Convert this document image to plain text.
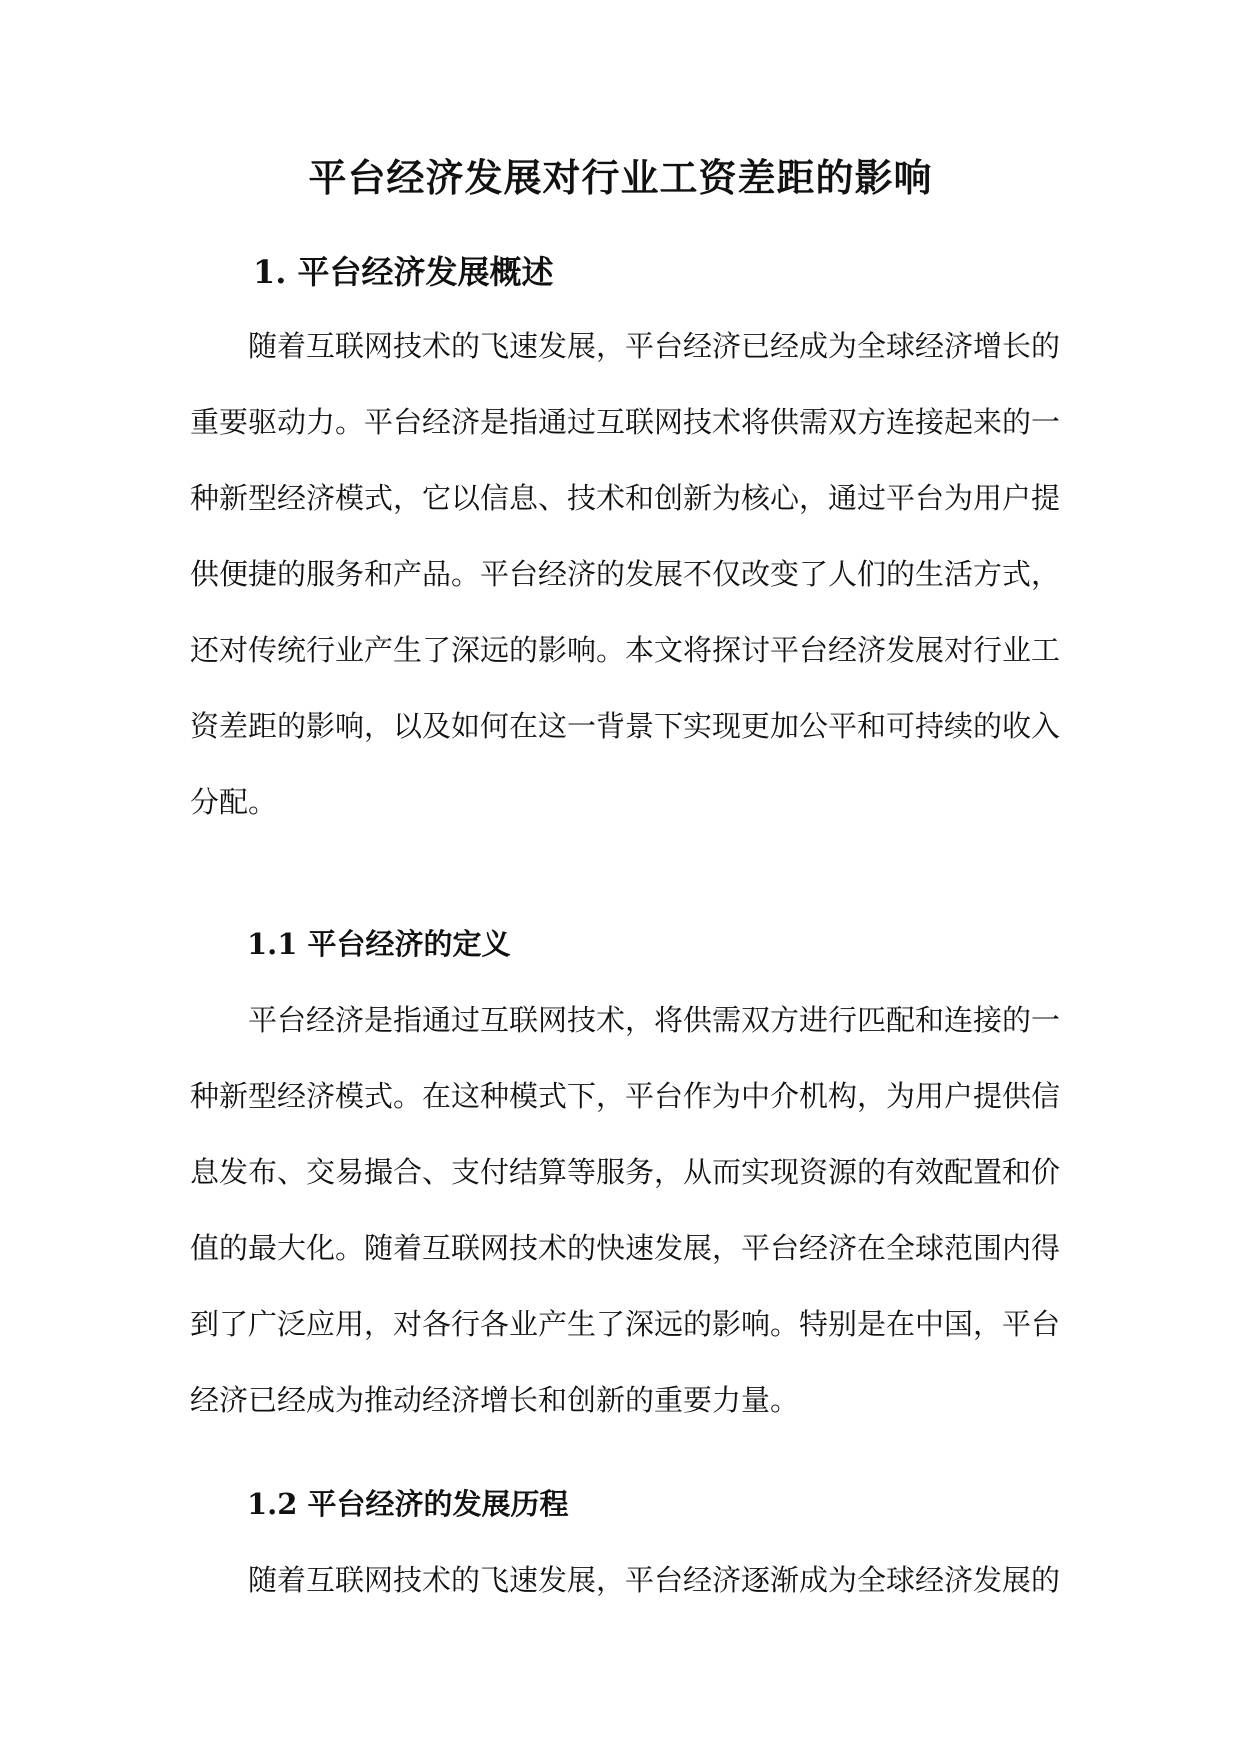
平台经济发展对行业工资差距的影响
1. 平台经济发展概述
随着互联网技术的飞速发展，平台经济已经成为全球经济增长的
重要驱动力。平台经济是指通过互联网技术将供需双方连接起来的一
种新型经济模式，它以信息、技术和创新为核心，通过平台为用户提
供便捷的服务和产品。平台经济的发展不仅改变了人们的生活方式，
还对传统行业产生了深远的影响。本文将探讨平台经济发展对行业工
资差距的影响，以及如何在这一背景下实现更加公平和可持续的收入
分配。
1.1 平台经济的定义
平台经济是指通过互联网技术，将供需双方进行匹配和连接的一
种新型经济模式。在这种模式下，平台作为中介机构，为用户提供信
息发布、交易撮合、支付结算等服务，从而实现资源的有效配置和价
值的最大化。随着互联网技术的快速发展，平台经济在全球范围内得
到了广泛应用，对各行各业产生了深远的影响。特别是在中国，平台
经济已经成为推动经济增长和创新的重要力量。
1.2 平台经济的发展历程
随着互联网技术的飞速发展，平台经济逐渐成为全球经济发展的
